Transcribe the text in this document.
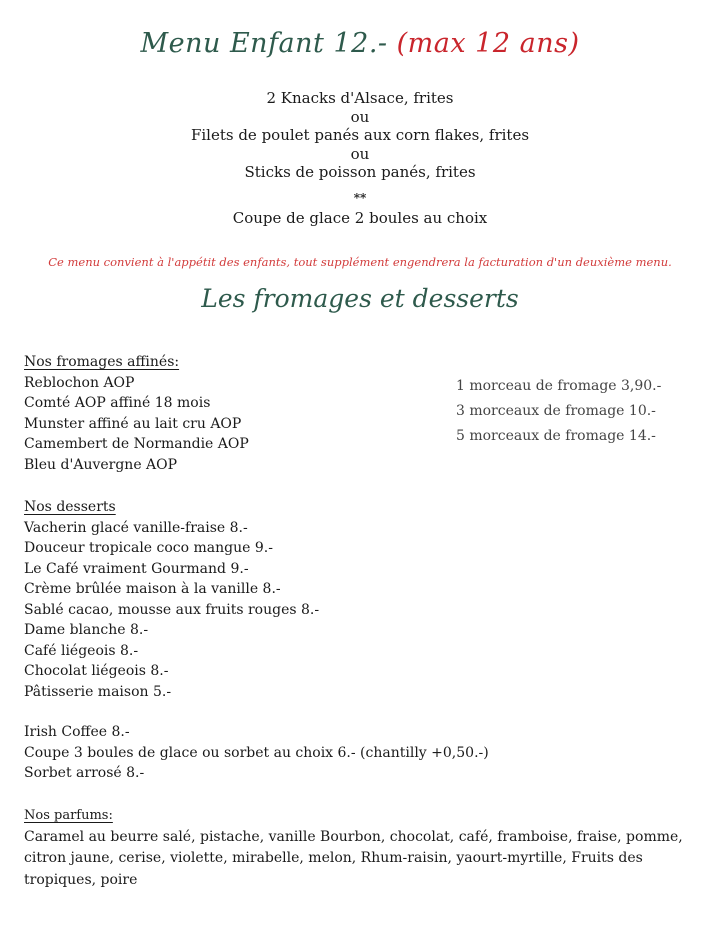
Menu Enfant 12.- (max 12 ans)
2 Knacks d'Alsace, frites
ou
Filets de poulet panés aux corn flakes, frites
ou
Sticks de poisson panés, frites
**
Coupe de glace 2 boules au choix
Ce menu convient à l'appétit des enfants, tout supplément engendrera la facturation d'un deuxième menu.
Les fromages et desserts
Nos fromages affinés:
Reblochon AOP
Comté AOP affiné 18 mois
Munster affiné au lait cru AOP
Camembert de Normandie AOP
Bleu d'Auvergne AOP
1 morceau de fromage 3,90.-
3 morceaux de fromage 10.-
5 morceaux de fromage 14.-
Nos desserts
Vacherin glacé vanille-fraise 8.-
Douceur tropicale coco mangue 9.-
Le Café vraiment Gourmand 9.-
Crème brûlée maison à la vanille 8.-
Sablé cacao, mousse aux fruits rouges 8.-
Dame blanche 8.-
Café liégeois 8.-
Chocolat liégeois 8.-
Pâtisserie maison 5.-
Irish Coffee 8.-
Coupe 3 boules de glace ou sorbet au choix 6.- (chantilly +0,50.-)
Sorbet arrosé 8.-
Nos parfums:
Caramel au beurre salé, pistache, vanille Bourbon, chocolat, café, framboise, fraise, pomme, citron jaune, cerise, violette, mirabelle, melon, Rhum-raisin, yaourt-myrtille, Fruits des tropiques, poire
